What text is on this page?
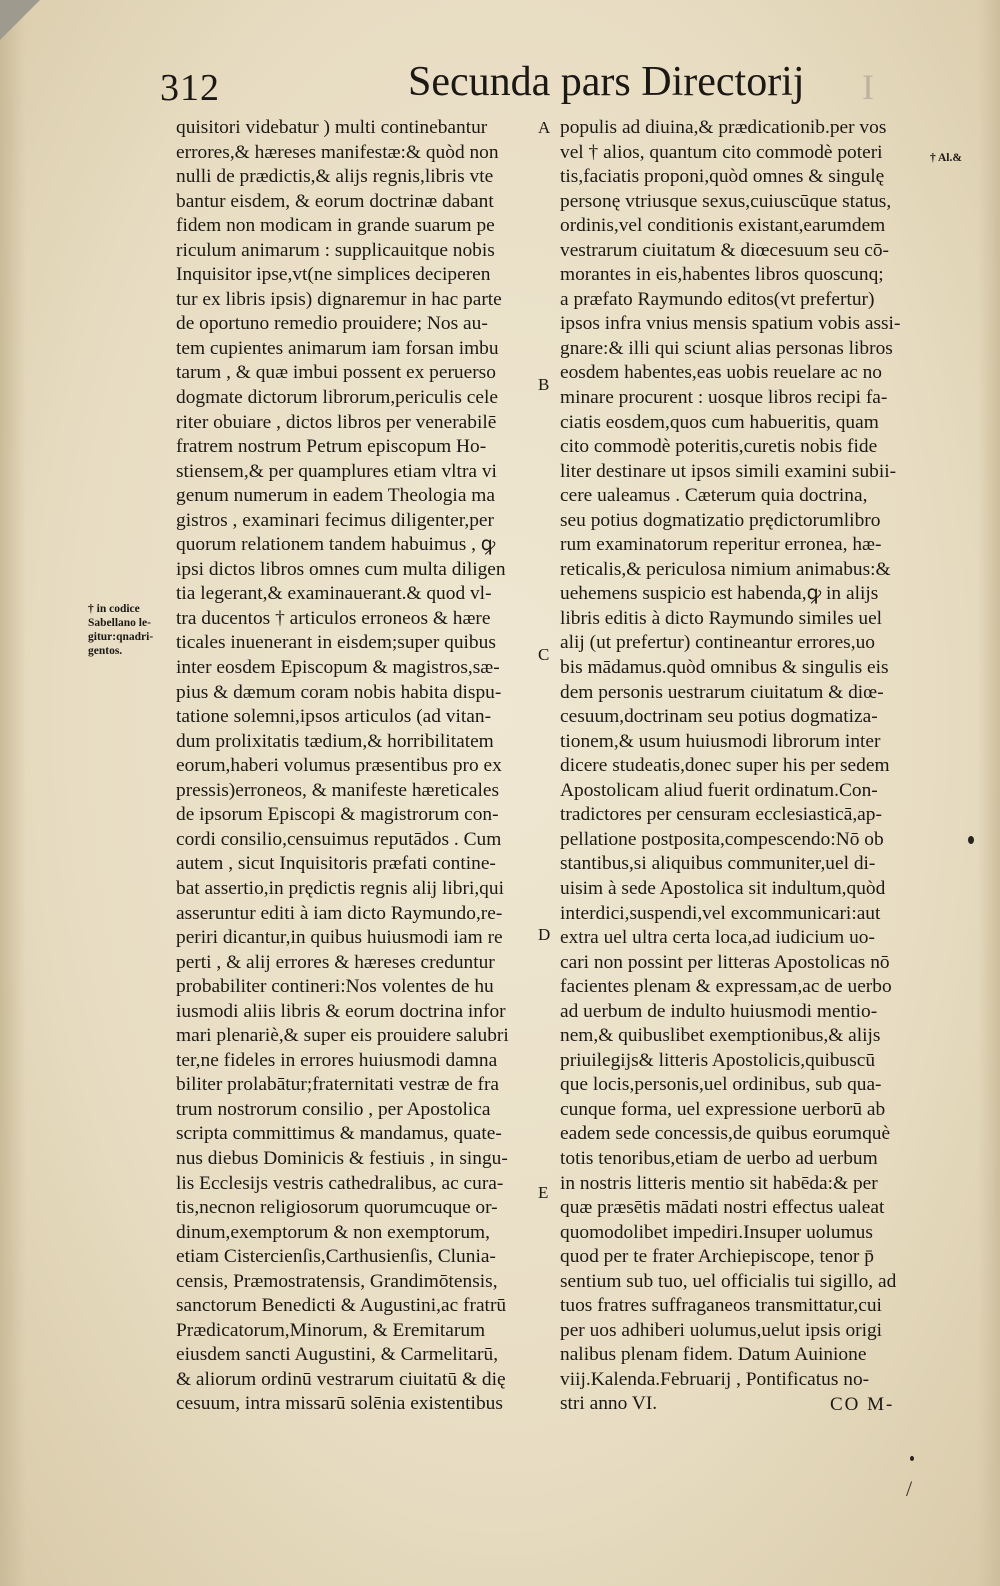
312	Secunda pars Directorij I
quisitori videbatur ) multi continebantur
errores,& hæreses manifestæ:& quòd non
nulli de prædictis,& alijs regnis,libris vte
bantur eisdem, & eorum doctrinæ dabant
fidem non modicam in grande suarum pe
riculum animarum : supplicauitque nobis
Inquisitor ipse,vt(ne simplices deciperen
tur ex libris ipsis) dignaremur in hac parte
de oportuno remedio prouidere; Nos au-
tem cupientes animarum iam forsan imbu
tarum , & quæ imbui possent ex peruerso
dogmate dictorum librorum,periculis cele
riter obuiare , dictos libros per venerabilē
fratrem nostrum Petrum episcopum Ho-
stiensem,& per quamplures etiam vltra vi
genum numerum in eadem Theologia ma
gistros , examinari fecimus diligenter,per
quorum relationem tandem habuimus , ꝙ
ipsi dictos libros omnes cum multa diligen
tia legerant,& examinauerant.& quod vl-
tra ducentos † articulos erroneos & hære
ticales inuenerant in eisdem;super quibus
inter eosdem Episcopum & magistros,sæ-
pius & dæmum coram nobis habita dispu-
tatione solemni,ipsos articulos (ad vitan-
dum prolixitatis tædium,& horribilitatem
eorum,haberi volumus præsentibus pro ex
pressis)erroneos, & manifeste hæreticales
de ipsorum Episcopi & magistrorum con-
cordi consilio,censuimus reputādos . Cum
autem , sicut Inquisitoris præfati contine-
bat assertio,in prędictis regnis alij libri,qui
asseruntur editi à iam dicto Raymundo,re-
periri dicantur,in quibus huiusmodi iam re
perti , & alij errores & hæreses creduntur
probabiliter contineri:Nos volentes de hu
iusmodi aliis libris & eorum doctrina infor
mari plenariè,& super eis prouidere salubri
ter,ne fideles in errores huiusmodi damna
biliter prolabātur;fraternitati vestræ de fra
trum nostrorum consilio , per Apostolica
scripta committimus & mandamus, quate-
nus diebus Dominicis & festiuis , in singu-
lis Ecclesijs vestris cathedralibus, ac cura-
tis,necnon religiosorum quorumcuque or-
dinum,exemptorum & non exemptorum,
etiam Cistercienſis,Carthusienſis, Clunia-
censis, Præmostratensis, Grandimōtensis,
sanctorum Benedicti & Augustini,ac fratrū
Prædicatorum,Minorum, & Eremitarum
eiusdem sancti Augustini, & Carmelitarū,
& aliorum ordinū vestrarum ciuitatū & dię
cesuum, intra missarū solēnia existentibus
populis ad diuina,& prædicationib.per vos
vel † alios, quantum cito commodè poteri
tis,faciatis proponi,quòd omnes & singulę
personę vtriusque sexus,cuiuscūque status,
ordinis,vel conditionis existant,earumdem
vestrarum ciuitatum & diœcesuum seu cō-
morantes in eis,habentes libros quoscunq;
a præfato Raymundo editos(vt prefertur)
ipsos infra vnius mensis spatium vobis assi-
gnare:& illi qui sciunt alias personas libros
eosdem habentes,eas uobis reuelare ac no
minare procurent : uosque libros recipi fa-
ciatis eosdem,quos cum habueritis, quam
cito commodè poteritis,curetis nobis fide
liter destinare ut ipsos simili examini subii-
cere ualeamus . Cæterum quia doctrina,
seu potius dogmatizatio prędictorumlibro
rum examinatorum reperitur erronea, hæ-
reticalis,& periculosa nimium animabus:&
uehemens suspicio est habenda,ꝙ in alijs
libris editis à dicto Raymundo similes uel
alij (ut prefertur) contineantur errores,uo
bis mādamus.quòd omnibus & singulis eis
dem personis uestrarum ciuitatum & diœ-
cesuum,doctrinam seu potius dogmatiza-
tionem,& usum huiusmodi librorum inter
dicere studeatis,donec super his per sedem
Apostolicam aliud fuerit ordinatum.Con-
tradictores per censuram ecclesiasticā,ap-
pellatione postposita,compescendo:Nō ob
stantibus,si aliquibus communiter,uel di-
uisim à sede Apostolica sit indultum,quòd
interdici,suspendi,vel excommunicari:aut
extra uel ultra certa loca,ad iudicium uo-
cari non possint per litteras Apostolicas nō
facientes plenam & expressam,ac de uerbo
ad uerbum de indulto huiusmodi mentio-
nem,& quibuslibet exemptionibus,& alijs
priuilegijs& litteris Apostolicis,quibuscū
que locis,personis,uel ordinibus, sub qua-
cunque forma, uel expressione uerborū ab
eadem sede concessis,de quibus eorumquè
totis tenoribus,etiam de uerbo ad uerbum
in nostris litteris mentio sit habēda:& per
quæ præsētis mādati nostri effectus ualeat
quomodolibet impediri.Insuper uolumus
quod per te frater Archiepiscope, tenor p̄
sentium sub tuo, uel officialis tui sigillo, ad
tuos fratres suffraganeos transmittatur,cui
per uos adhiberi uolumus,uelut ipsis origi
nalibus plenam fidem. Datum Auinione
viij.Kalenda.Februarij , Pontificatus no-
stri anno VI.
A
B
C
D
E
† in codice
Sabellano le-
gitur:qnadri-
gentos.
† Al.&
CO M-
/
